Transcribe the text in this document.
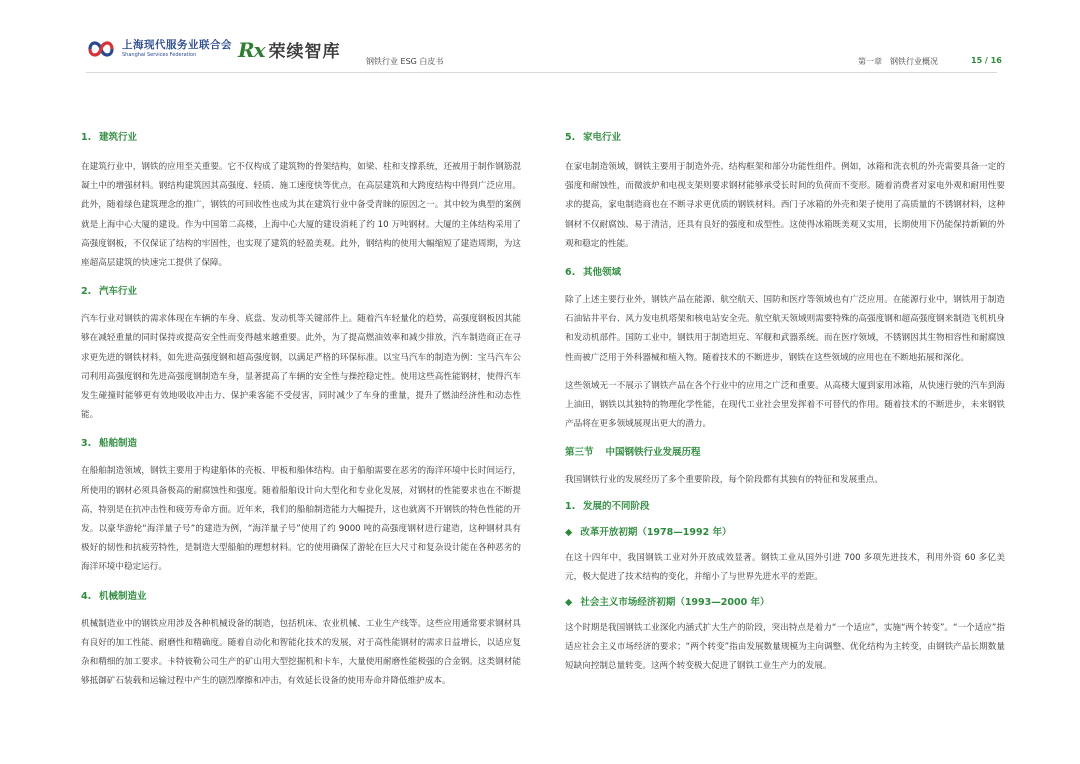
上海现代服务业联合会
Shanghai Services Federation	Rx 荣续智库	钢铁行业 ESG 白皮书	第一章　钢铁行业概况	15 / 16
1. 建筑行业

在建筑行业中，钢铁的应用至关重要。它不仅构成了建筑物的骨架结构，如梁、柱和支撑系统，还被用于制作钢筋混凝土中的增强材料。钢结构建筑因其高强度、轻质、施工速度快等优点，在高层建筑和大跨度结构中得到广泛应用。此外，随着绿色建筑理念的推广，钢铁的可回收性也成为其在建筑行业中备受青睐的原因之一。其中较为典型的案例就是上海中心大厦的建设。作为中国第二高楼，上海中心大厦的建设消耗了约 10 万吨钢材。大厦的主体结构采用了高强度钢板，不仅保证了结构的牢固性，也实现了建筑的轻盈美观。此外，钢结构的使用大幅缩短了建造周期，为这座超高层建筑的快速完工提供了保障。

2. 汽车行业

汽车行业对钢铁的需求体现在车辆的车身、底盘、发动机等关键部件上。随着汽车轻量化的趋势，高强度钢板因其能够在减轻重量的同时保持或提高安全性而变得越来越重要。此外，为了提高燃油效率和减少排放，汽车制造商正在寻求更先进的钢铁材料，如先进高强度钢和超高强度钢，以满足严格的环保标准。以宝马汽车的制造为例：宝马汽车公司利用高强度钢和先进高强度钢制造车身，显著提高了车辆的安全性与操控稳定性。使用这些高性能钢材，使得汽车发生碰撞时能够更有效地吸收冲击力、保护乘客能不受侵害，同时减少了车身的重量，提升了燃油经济性和动态性能。

3. 船舶制造

在船舶制造领域，钢铁主要用于构建船体的壳板、甲板和船体结构。由于船舶需要在恶劣的海洋环境中长时间运行，所使用的钢材必须具备极高的耐腐蚀性和强度。随着船舶设计向大型化和专业化发展，对钢材的性能要求也在不断提高，特别是在抗冲击性和疲劳寿命方面。近年来，我们的船舶制造能力大幅提升，这也就离不开钢铁的特色性能的开发。以豪华游轮“海洋量子号”的建造为例，“海洋量子号”使用了约 9000 吨的高强度钢材进行建造，这种钢材具有极好的韧性和抗疲劳特性，是制造大型船舶的理想材料。它的使用确保了游轮在巨大尺寸和复杂设计能在各种恶劣的海洋环境中稳定运行。

4. 机械制造业

机械制造业中的钢铁应用涉及各种机械设备的制造，包括机床、农业机械、工业生产线等。这些应用通常要求钢材具有良好的加工性能、耐磨性和精确度。随着自动化和智能化技术的发展，对于高性能钢材的需求日益增长，以适应复杂和精细的加工要求。卡特彼勒公司生产的矿山用大型挖掘机和卡车，大量使用耐磨性能极强的合金钢。这类钢材能够抵御矿石装载和运输过程中产生的剧烈摩擦和冲击，有效延长设备的使用寿命并降低维护成本。

5. 家电行业

在家电制造领域，钢铁主要用于制造外壳、结构框架和部分功能性组件。例如，冰箱和洗衣机的外壳需要具备一定的强度和耐蚀性，而微波炉和电视支架则要求钢材能够承受长时间的负荷而不变形。随着消费者对家电外观和耐用性要求的提高，家电制造商也在不断寻求更优质的钢铁材料。西门子冰箱的外壳和架子使用了高质量的不锈钢材料，这种钢材不仅耐腐蚀、易于清洁，还具有良好的强度和成型性。这使得冰箱既美观又实用，长期使用下仍能保持新颖的外观和稳定的性能。

6. 其他领域

除了上述主要行业外，钢铁产品在能源、航空航天、国防和医疗等领域也有广泛应用。在能源行业中，钢铁用于制造石油钻井平台、风力发电机塔架和核电站安全壳。航空航天领域则需要特殊的高强度钢和超高强度钢来制造飞机机身和发动机部件。国防工业中，钢铁用于制造坦克、军舰和武器系统。而在医疗领域，不锈钢因其生物相容性和耐腐蚀性而被广泛用于外科器械和植入物。随着技术的不断进步，钢铁在这些领域的应用也在不断地拓展和深化。

这些领域无一不展示了钢铁产品在各个行业中的应用之广泛和重要。从高楼大厦到家用冰箱，从快速行驶的汽车到海上油田，钢铁以其独特的物理化学性能，在现代工业社会里发挥着不可替代的作用。随着技术的不断进步，未来钢铁产品将在更多领域展现出更大的潜力。

第三节 中国钢铁行业发展历程

我国钢铁行业的发展经历了多个重要阶段，每个阶段都有其独有的特征和发展重点。

1. 发展的不同阶段
◆ 改革开放初期（1978—1992 年）

在这十四年中，我国钢铁工业对外开放成效显著。钢铁工业从国外引进 700 多项先进技术，利用外资 60 多亿美元，极大促进了技术结构的变化，并缩小了与世界先进水平的差距。

◆ 社会主义市场经济初期（1993—2000 年）

这个时期是我国钢铁工业深化内涵式扩大生产的阶段，突出特点是着力“一个适应”，实施“两个转变”。“一个适应”指适应社会主义市场经济的要求；“两个转变”指由发展数量规模为主向调整、优化结构为主转变，由钢铁产品长期数量短缺向控制总量转变。这两个转变极大促进了钢铁工业生产力的发展。
